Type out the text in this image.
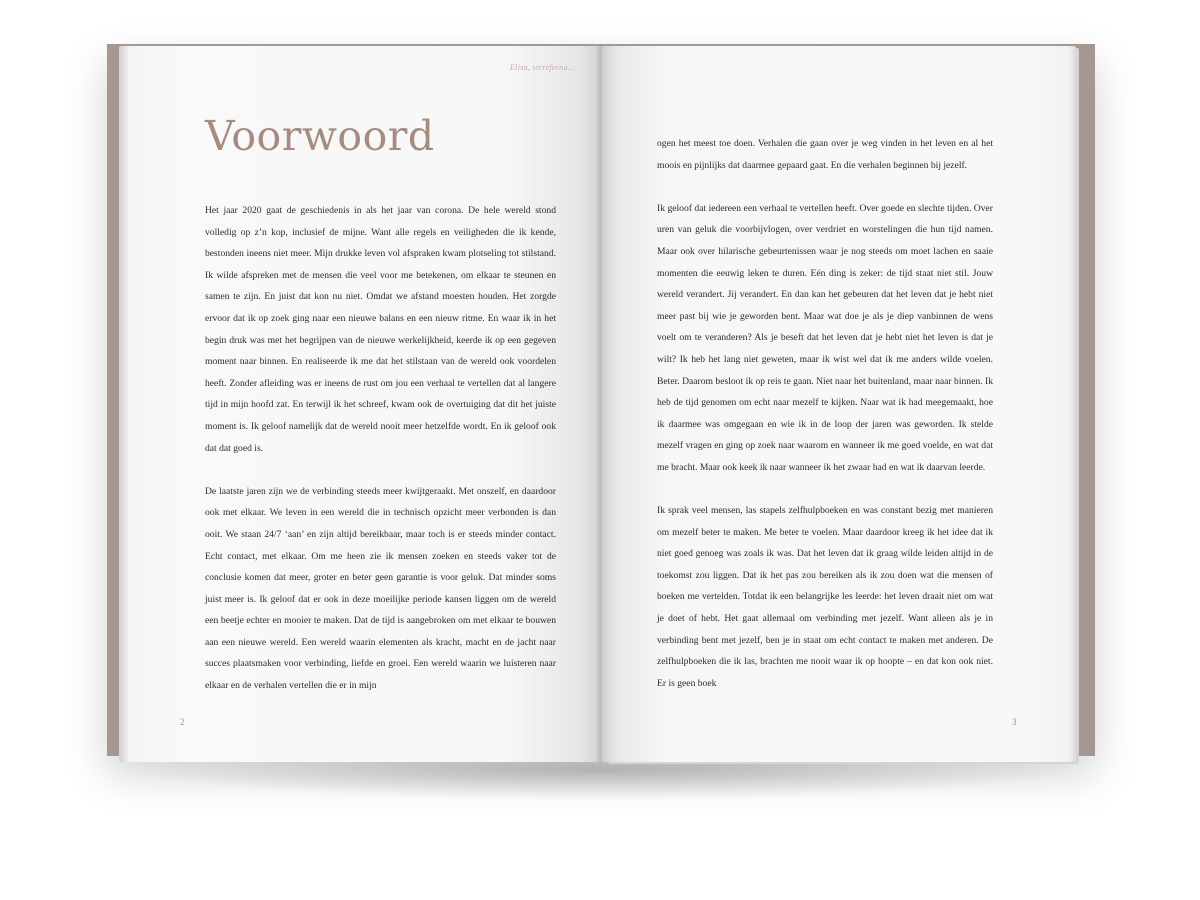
Elisa, terreferna...
Voorwoord

Het jaar 2020 gaat de geschiedenis in als het jaar van corona. De hele wereld stond volledig op z’n kop, inclusief de mijne. Want alle regels en veiligheden die ik kende, bestonden ineens niet meer. Mijn drukke leven vol afspraken kwam plotseling tot stilstand. Ik wilde afspreken met de mensen die veel voor me betekenen, om elkaar te steunen en samen te zijn. En juist dat kon nu niet. Omdat we afstand moesten houden. Het zorgde ervoor dat ik op zoek ging naar een nieuwe balans en een nieuw ritme. En waar ik in het begin druk was met het begrijpen van de nieuwe werkelijkheid, keerde ik op een gegeven moment naar binnen. En realiseerde ik me dat het stilstaan van de wereld ook voordelen heeft. Zonder afleiding was er ineens de rust om jou een verhaal te vertellen dat al langere tijd in mijn hoofd zat. En terwijl ik het schreef, kwam ook de overtuiging dat dit het juiste moment is. Ik geloof namelijk dat de wereld nooit meer hetzelfde wordt. En ik geloof ook dat dat goed is.

De laatste jaren zijn we de verbinding steeds meer kwijtgeraakt. Met onszelf, en daardoor ook met elkaar. We leven in een wereld die in technisch opzicht meer verbonden is dan ooit. We staan 24/7 ‘aan’ en zijn altijd bereikbaar, maar toch is er steeds minder contact. Echt contact, met elkaar. Om me heen zie ik mensen zoeken en steeds vaker tot de conclusie komen dat meer, groter en beter geen garantie is voor geluk. Dat minder soms juist meer is. Ik geloof dat er ook in deze moeilijke periode kansen liggen om de wereld een beetje echter en mooier te maken. Dat de tijd is aangebroken om met elkaar te bouwen aan een nieuwe wereld. Een wereld waarin elementen als kracht, macht en de jacht naar succes plaatsmaken voor verbinding, liefde en groei. Een wereld waarin we luisteren naar elkaar en de verhalen vertellen die er in mijn

ogen het meest toe doen. Verhalen die gaan over je weg vinden in het leven en al het moois en pijnlijks dat daarmee gepaard gaat. En die verhalen beginnen bij jezelf.

Ik geloof dat iedereen een verhaal te vertellen heeft. Over goede en slechte tijden. Over uren van geluk die voorbijvlogen, over verdriet en worstelingen die hun tijd namen. Maar ook over hilarische gebeurtenissen waar je nog steeds om moet lachen en saaie momenten die eeuwig leken te duren. Eén ding is zeker: de tijd staat niet stil. Jouw wereld verandert. Jij verandert. En dan kan het gebeuren dat het leven dat je hebt niet meer past bij wie je geworden bent. Maar wat doe je als je diep vanbinnen de wens voelt om te veranderen? Als je beseft dat het leven dat je hebt niet het leven is dat je wilt? Ik heb het lang niet geweten, maar ik wist wel dat ik me anders wilde voelen. Beter. Daarom besloot ik op reis te gaan. Niet naar het buitenland, maar naar binnen. Ik heb de tijd genomen om echt naar mezelf te kijken. Naar wat ik had meegemaakt, hoe ik daarmee was omgegaan en wie ik in de loop der jaren was geworden. Ik stelde mezelf vragen en ging op zoek naar waarom en wanneer ik me goed voelde, en wat dat me bracht. Maar ook keek ik naar wanneer ik het zwaar had en wat ik daarvan leerde.

Ik sprak veel mensen, las stapels zelfhulpboeken en was constant bezig met manieren om mezelf beter te maken. Me beter te voelen. Maar daardoor kreeg ik het idee dat ik niet goed genoeg was zoals ik was. Dat het leven dat ik graag wilde leiden altijd in de toekomst zou liggen. Dat ik het pas zou bereiken als ik zou doen wat die mensen of boeken me vertelden. Totdat ik een belangrijke les leerde: het leven draait niet om wat je doet of hebt. Het gaat allemaal om verbinding met jezelf. Want alleen als je in verbinding bent met jezelf, ben je in staat om echt contact te maken met anderen. De zelfhulpboeken die ik las, brachten me nooit waar ik op hoopte – en dat kon ook niet. Er is geen boek

2	3
